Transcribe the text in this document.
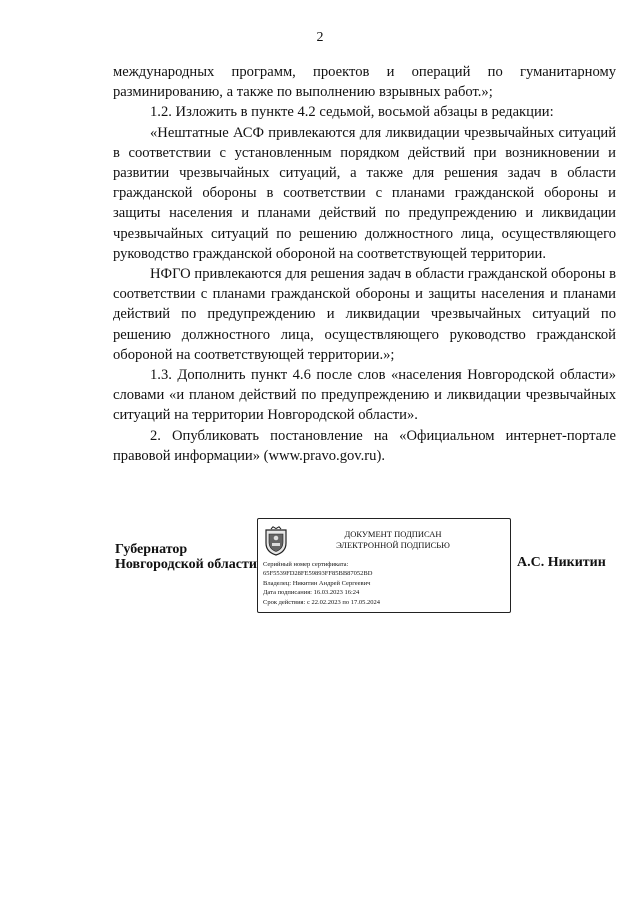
2

международных программ, проектов и операций по гуманитарному разминированию, а также по выполнению взрывных работ.»;

1.2. Изложить в пункте 4.2 седьмой, восьмой абзацы в редакции:

«Нештатные АСФ привлекаются для ликвидации чрезвычайных ситуаций в соответствии с установленным порядком действий при возникновении и развитии чрезвычайных ситуаций, а также для решения задач в области гражданской обороны в соответствии с планами гражданской обороны и защиты населения и планами действий по предупреждению и ликвидации чрезвычайных ситуаций по решению должностного лица, осуществляющего руководство гражданской обороной на соответствующей территории.

НФГО привлекаются для решения задач в области гражданской обороны в соответствии с планами гражданской обороны и защиты населения и планами действий по предупреждению и ликвидации чрезвычайных ситуаций по решению должностного лица, осуществляющего руководство гражданской обороной на соответствующей территории.»;

1.3. Дополнить пункт 4.6 после слов «населения Новгородской области» словами «и планом действий по предупреждению и ликвидации чрезвычайных ситуаций на территории Новгородской области».

2. Опубликовать постановление на «Официальном интернет-портале правовой информации» (www.pravo.gov.ru).

Губернатор
Новгородской области
ДОКУМЕНТ ПОДПИСАН
ЭЛЕКТРОННОЙ ПОДПИСЬЮ
Серийный номер сертификата:
65F5539FD28FE59893FF85BB87052BD
Владелец: Никитин Андрей Сергеевич
Дата подписания: 16.03.2023 16:24
Срок действия: с 22.02.2023 по 17.05.2024
А.С. Никитин
